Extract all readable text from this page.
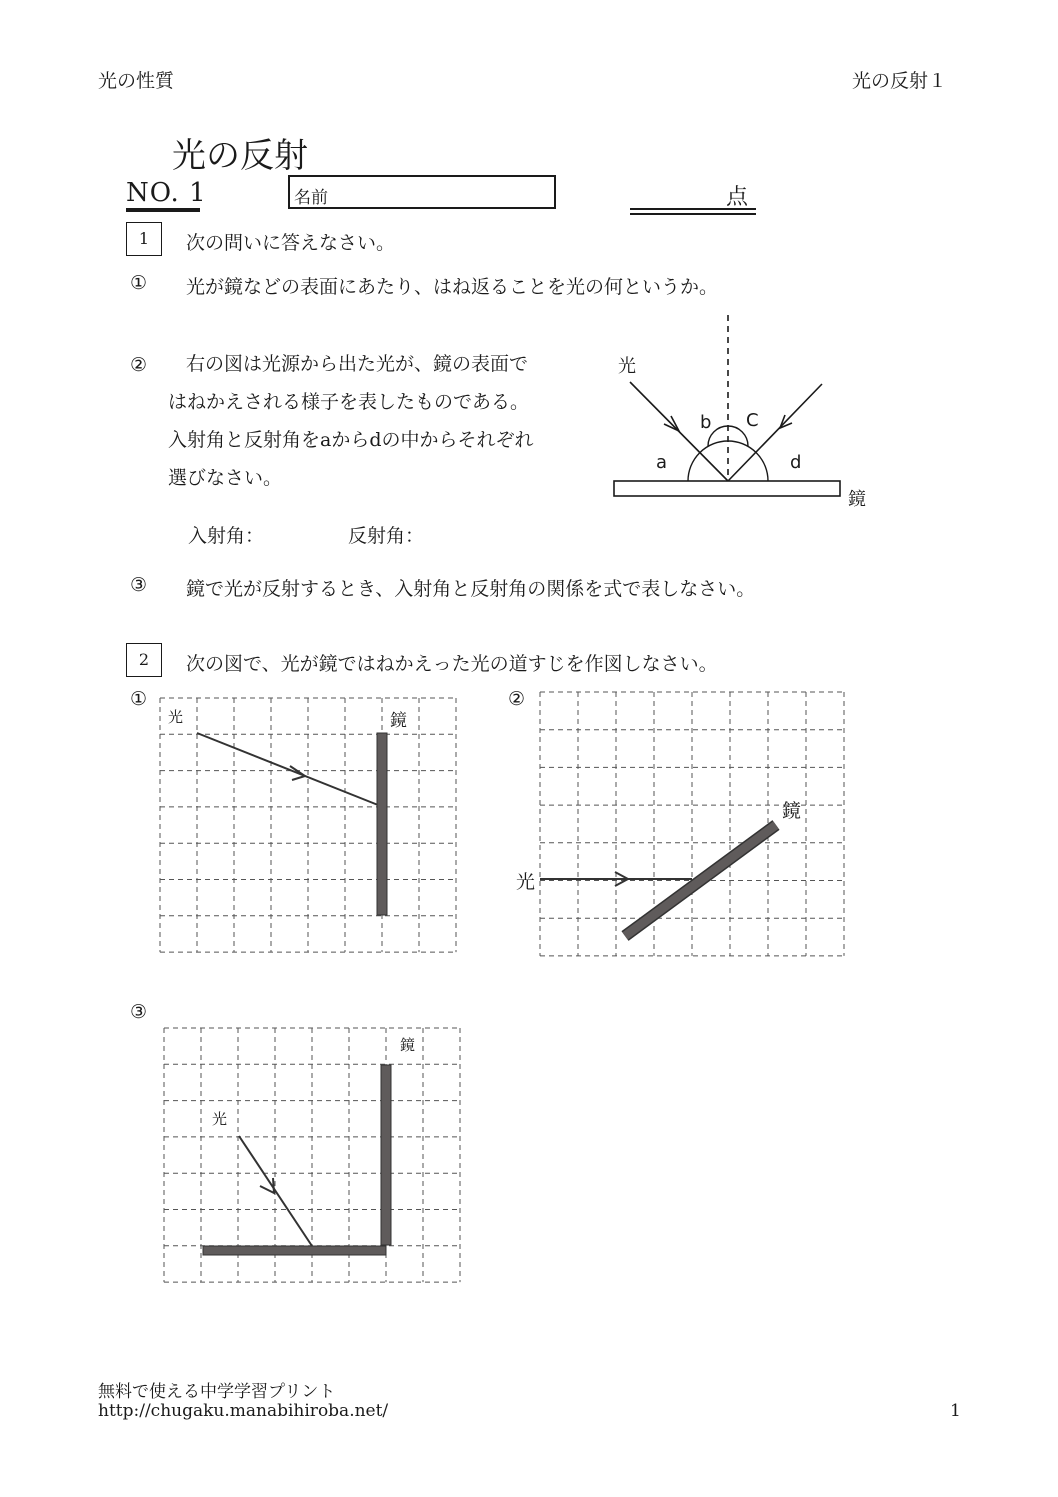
光の性質	光の反射１
光の反射
NO. 1	名前	点
1	次の問いに答えなさい。
① 光が鏡などの表面にあたり、はね返ることを光の何というか。
② 右の図は光源から出た光が、鏡の表面で
はねかえされる様子を表したものである。
入射角と反射角をaからdの中からそれぞれ
選びなさい。
入射角：	反射角：
光
鏡
a
b C
d
③ 鏡で光が反射するとき、入射角と反射角の関係を式で表しなさい。
2	次の図で、光が鏡ではねかえった光の道すじを作図しなさい。
①
光	鏡
②
光
鏡
③
光
鏡
無料で使える中学学習プリント
http://chugaku.manabihiroba.net/	1
